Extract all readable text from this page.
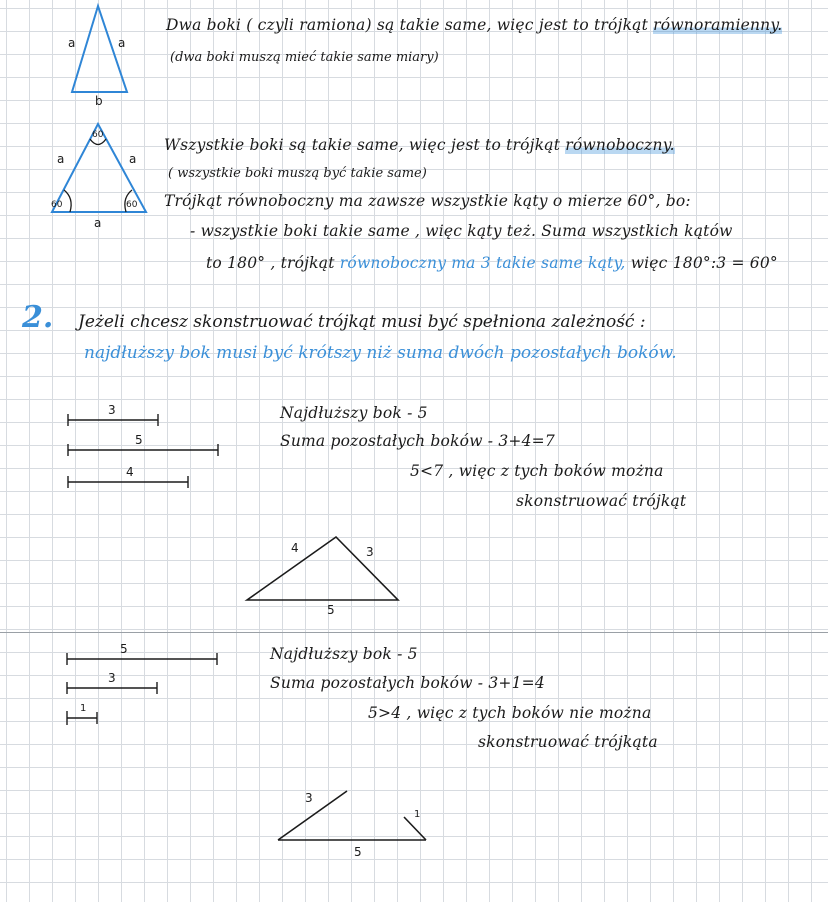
a	a
b
Dwa boki ( czyli ramiona) są takie same, więc jest to trójkąt równoramienny.
(dwa boki muszą mieć takie same miary)
a	a
a
60
60	60
Wszystkie boki są takie same, więc jest to trójkąt równoboczny.
( wszystkie boki muszą być takie same)
Trójkąt równoboczny ma zawsze wszystkie kąty o mierze 60°, bo:
- wszystkie boki takie same , więc kąty też. Suma wszystkich kątów
to 180° , trójkąt równoboczny ma 3 takie same kąty, więc 180°:3 = 60°
2. Jeżeli chcesz skonstruować trójkąt musi być spełniona zależność :
najdłuższy bok musi być krótszy niż suma dwóch pozostałych boków.
3
5
4
Najdłuższy bok - 5
Suma pozostałych boków - 3+4=7
5<7 , więc z tych boków można
skonstruować trójkąt
4	3
5
5
3
1
Najdłuższy bok - 5
Suma pozostałych boków - 3+1=4
5>4 , więc z tych boków nie można
skonstruować trójkąta
3
1
5
